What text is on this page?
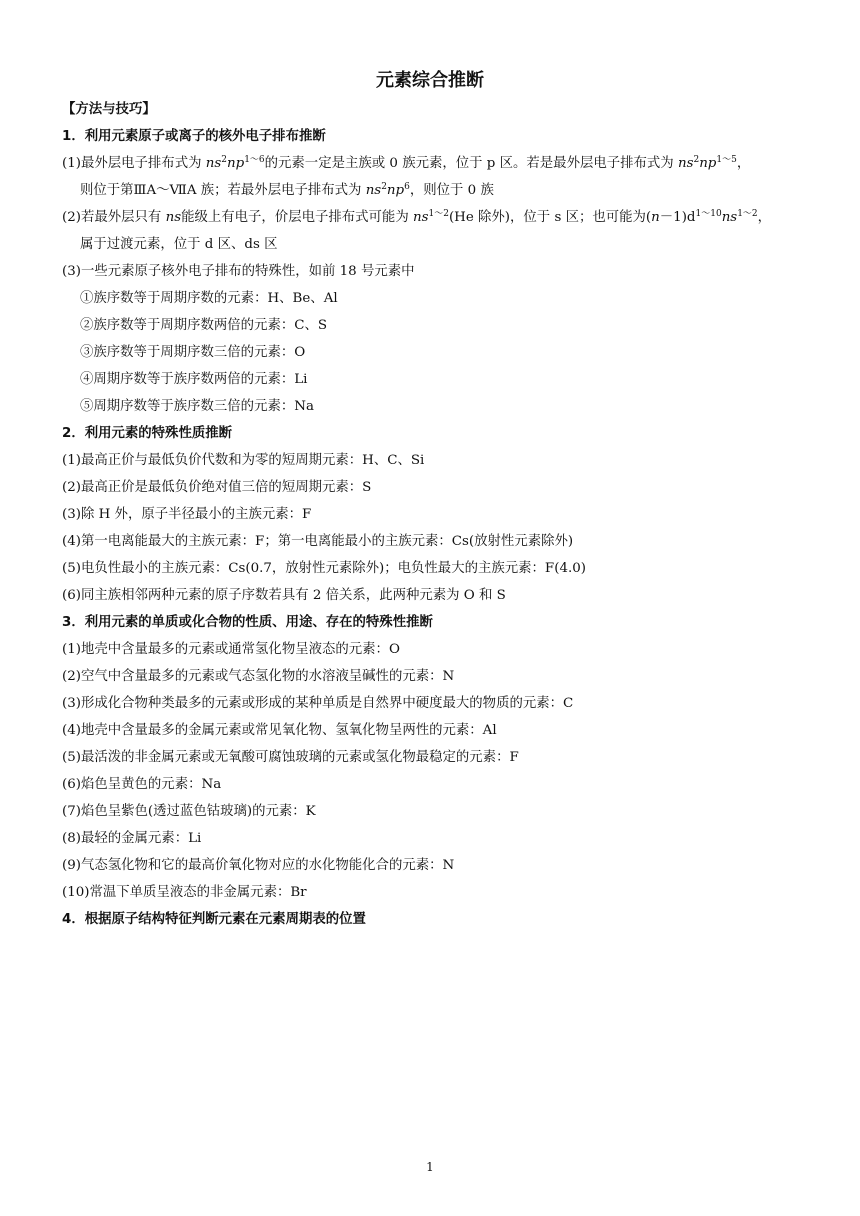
元素综合推断
【方法与技巧】
1．利用元素原子或离子的核外电子排布推断
(1)最外层电子排布式为 $ns^2np^{1\sim 6}$的元素一定是主族或 0 族元素，位于 p 区。若是最外层电子排布式为 $ns^2np^{1\sim 5}$，
则位于第ⅢA～ⅦA 族；若最外层电子排布式为 $ns^2np^6$，则位于 0 族
(2)若最外层只有 ns能级上有电子，价层电子排布式可能为 $ns^{1\sim 2}(He$ 除外)，位于 s 区；也可能为$(n-1)d^{1\sim 10}ns^{1\sim 2}$，
属于过渡元素，位于 d 区、ds 区
(3)一些元素原子核外电子排布的特殊性，如前 18 号元素中
①族序数等于周期序数的元素：H、Be、Al
②族序数等于周期序数两倍的元素：C、S
③族序数等于周期序数三倍的元素：O
④周期序数等于族序数两倍的元素：Li
⑤周期序数等于族序数三倍的元素：Na
2．利用元素的特殊性质推断
(1)最高正价与最低负价代数和为零的短周期元素：H、C、Si
(2)最高正价是最低负价绝对值三倍的短周期元素：S
(3)除 H 外，原子半径最小的主族元素：F
(4)第一电离能最大的主族元素：F；第一电离能最小的主族元素：Cs(放射性元素除外)
(5)电负性最小的主族元素：Cs(0.7，放射性元素除外)；电负性最大的主族元素：F(4.0)
(6)同主族相邻两种元素的原子序数若具有 2 倍关系，此两种元素为 O 和 S
3．利用元素的单质或化合物的性质、用途、存在的特殊性推断
(1)地壳中含量最多的元素或通常氢化物呈液态的元素：O
(2)空气中含量最多的元素或气态氢化物的水溶液呈碱性的元素：N
(3)形成化合物种类最多的元素或形成的某种单质是自然界中硬度最大的物质的元素：C
(4)地壳中含量最多的金属元素或常见氧化物、氢氧化物呈两性的元素：Al
(5)最活泼的非金属元素或无氧酸可腐蚀玻璃的元素或氢化物最稳定的元素：F
(6)焰色呈黄色的元素：Na
(7)焰色呈紫色(透过蓝色钴玻璃)的元素：K
(8)最轻的金属元素：Li
(9)气态氢化物和它的最高价氧化物对应的水化物能化合的元素：N
(10)常温下单质呈液态的非金属元素：Br
4．根据原子结构特征判断元素在元素周期表的位置
1
